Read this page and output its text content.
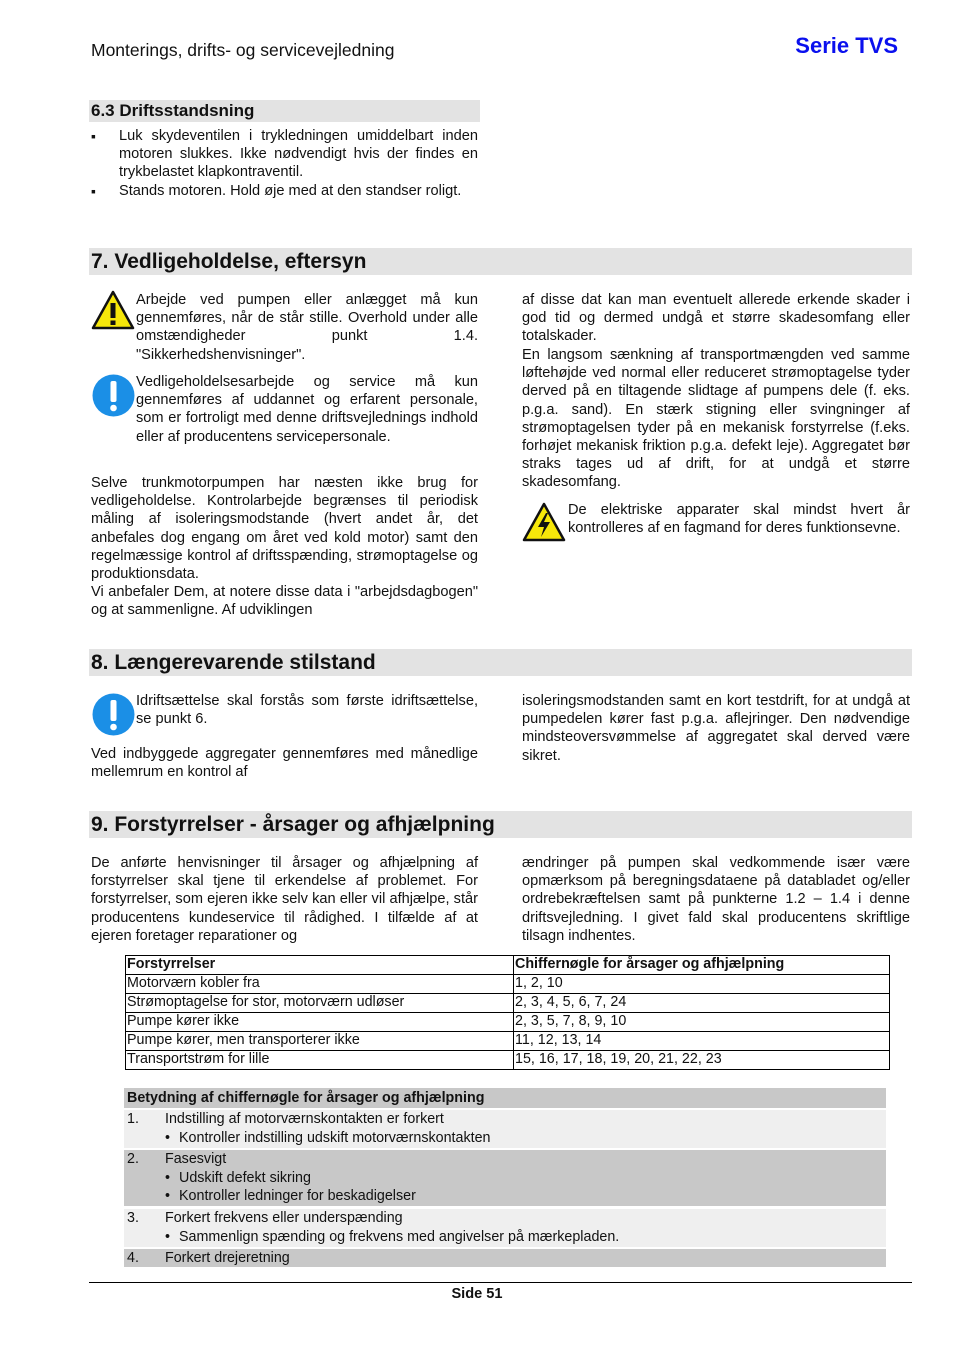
Monterings, drifts- og servicevejledning	Serie TVS
6.3 Driftsstandsning
▪ Luk skydeventilen i trykledningen umiddelbart inden motoren slukkes. Ikke nødvendigt hvis der findes en trykbelastet klapkontraventil.
▪ Stands motoren. Hold øje med at den standser roligt.
7. Vedligeholdelse, eftersyn
Arbejde ved pumpen eller anlægget må kun gennemføres, når de står stille. Overhold under alle omstændigheder punkt 1.4. "Sikkerhedshenvisninger".
Vedligeholdelsesarbejde og service må kun gennemføres af uddannet og erfarent personale, som er fortroligt med denne driftsvejlednings indhold eller af producentens servicepersonale.
Selve trunkmotorpumpen har næsten ikke brug for vedligeholdelse. Kontrolarbejde begrænses til periodisk måling af isoleringsmodstande (hvert andet år, det anbefales dog engang om året ved kold motor) samt den regelmæssige kontrol af driftsspænding, strømoptagelse og produktionsdata.
Vi anbefaler Dem, at notere disse data i "arbejdsdagbogen" og at sammenligne. Af udviklingen
af disse dat kan man eventuelt allerede erkende skader i god tid og dermed undgå et større skadesomfang eller totalskader.
En langsom sænkning af transportmængden ved samme løftehøjde ved normal eller reduceret strømoptagelse tyder derved på en tiltagende slidtage af pumpens dele (f. eks. p.g.a. sand). En stærk stigning eller svingninger af strømoptagelsen tyder på en mekanisk forstyrrelse (f.eks. forhøjet mekanisk friktion p.g.a. defekt leje). Aggregatet bør straks tages ud af drift, for at undgå et større skadesomfang.
De elektriske apparater skal mindst hvert år kontrolleres af en fagmand for deres funktionsevne.
8. Længerevarende stilstand
Idriftsættelse skal forstås som første idriftsættelse, se punkt 6.
Ved indbyggede aggregater gennemføres med månedlige mellemrum en kontrol af
isoleringsmodstanden samt en kort testdrift, for at undgå at pumpedelen kører fast p.g.a. aflejringer. Den nødvendige mindsteoversvømmelse af aggregatet skal derved være sikret.
9. Forstyrrelser - årsager og afhjælpning
De anførte henvisninger til årsager og afhjælpning af forstyrrelser skal tjene til erkendelse af problemet. For forstyrrelser, som ejeren ikke selv kan eller vil afhjælpe, står producentens kundeservice til rådighed. I tilfælde af at ejeren foretager reparationer og
ændringer på pumpen skal vedkommende især være opmærksom på beregningsdataene på databladet og/eller ordrebekræftelsen samt på punkterne 1.2 – 1.4 i denne driftsvejledning. I givet fald skal producentens skriftlige tilsagn indhentes.
Forstyrrelser	Chiffernøgle for årsager og afhjælpning
Motorværn kobler fra	1, 2, 10
Strømoptagelse for stor, motorværn udløser	2, 3, 4, 5, 6, 7, 24
Pumpe kører ikke	2, 3, 5, 7, 8, 9, 10
Pumpe kører, men transporterer ikke	11, 12, 13, 14
Transportstrøm for lille	15, 16, 17, 18, 19, 20, 21, 22, 23
Betydning af chiffernøgle for årsager og afhjælpning
1.	Indstilling af motorværnskontakten er forkert
• Kontroller indstilling udskift motorværnskontakten
2.	Fasesvigt
• Udskift defekt sikring
• Kontroller ledninger for beskadigelser
3.	Forkert frekvens eller underspænding
• Sammenlign spænding og frekvens med angivelser på mærkepladen.
4.	Forkert drejeretning
Side 51
